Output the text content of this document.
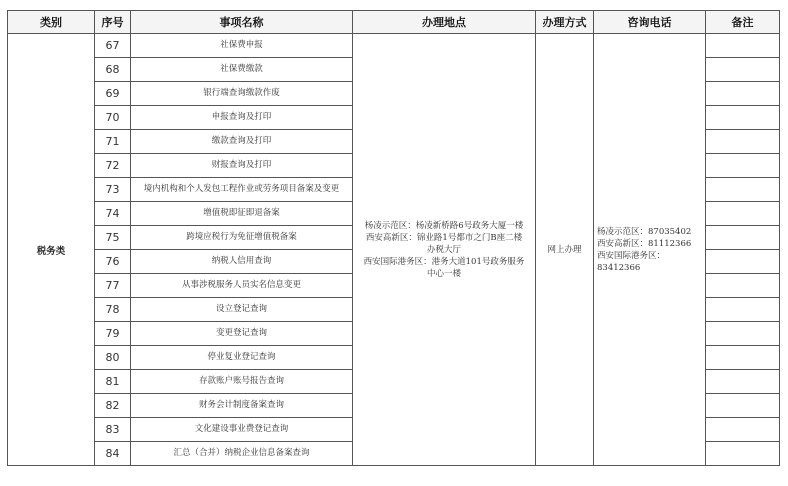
类别	序号	事项名称	办理地点	办理方式	咨询电话	备注
税务类	67	社保费申报	杨凌示范区：杨凌新桥路6号政务大厦一楼
西安高新区：锦业路1号都市之门B座二楼
办税大厅
西安国际港务区：港务大道101号政务服务
中心一楼	网上办理	杨凌示范区：87035402
西安高新区：81112366
西安国际港务区：
83412366	

	68	社保费缴款				
	69	银行端查询缴款作废				
	70	申报查询及打印				
	71	缴款查询及打印				
	72	财报查询及打印				
	73	境内机构和个人发包工程作业或劳务项目备案及变更				
	74	增值税即征即退备案				
	75	跨境应税行为免征增值税备案				
	76	纳税人信用查询				
	77	从事涉税服务人员实名信息变更				
	78	设立登记查询				
	79	变更登记查询				
	80	停业复业登记查询				
	81	存款账户账号报告查询				
	82	财务会计制度备案查询				
	83	文化建设事业费登记查询				
	84	汇总（合并）纳税企业信息备案查询				
